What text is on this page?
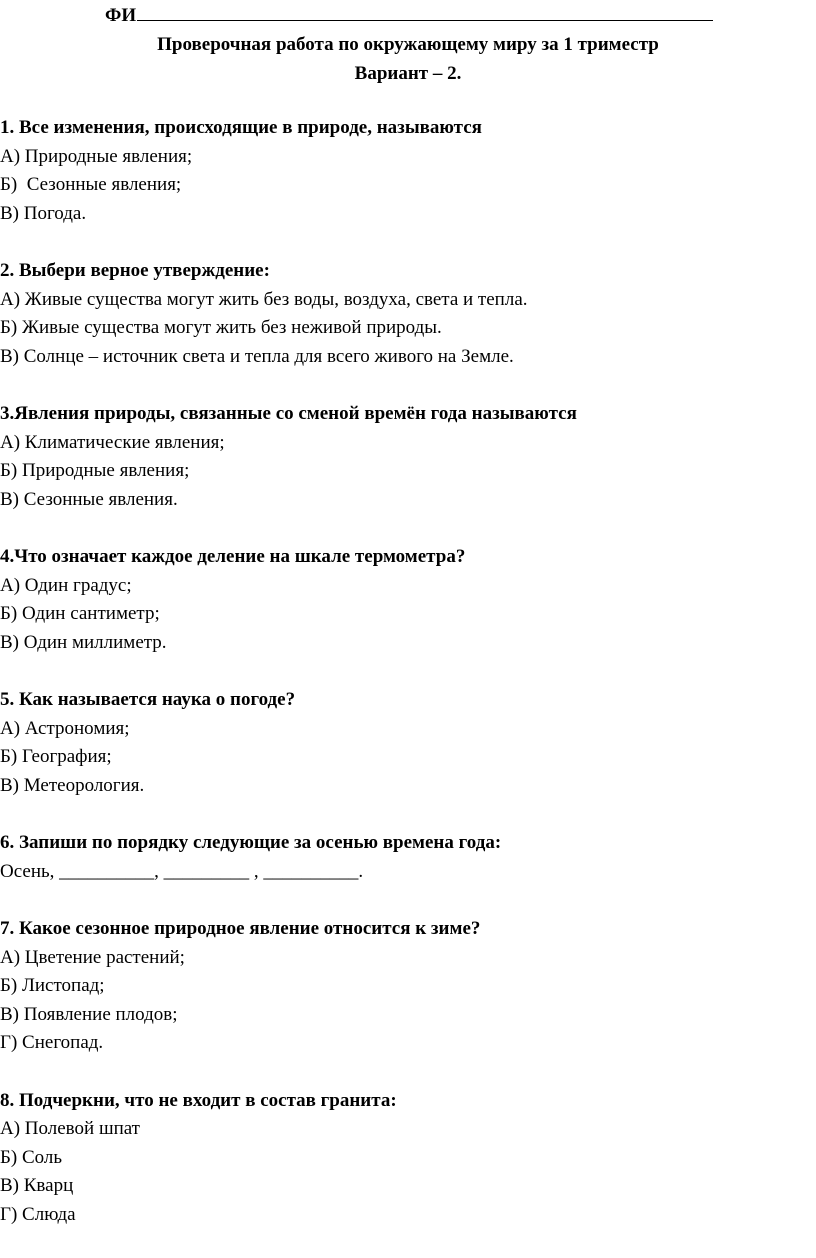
ФИ
Проверочная работа по окружающему миру за 1 триместр
Вариант – 2.
1. Все изменения, происходящие в природе, называются
А) Природные явления;
Б)  Сезонные явления;
В) Погода.
2. Выбери верное утверждение:
А) Живые существа могут жить без воды, воздуха, света и тепла.
Б) Живые существа могут жить без неживой природы.
В) Солнце – источник света и тепла для всего живого на Земле.
3.Явления природы, связанные со сменой времён года называются
А) Климатические явления;
Б) Природные явления;
В) Сезонные явления.
4.Что означает каждое деление на шкале термометра?
А) Один градус;
Б) Один сантиметр;
В) Один миллиметр.
5. Как называется наука о погоде?
А) Астрономия;
Б) География;
В) Метеорология.
6. Запиши по порядку следующие за осенью времена года:
Осень, __________, _________ , __________.
7. Какое сезонное природное явление относится к зиме?
А) Цветение растений;
Б) Листопад;
В) Появление плодов;
Г) Снегопад.
8. Подчеркни, что не входит в состав гранита:
А) Полевой шпат
Б) Соль
В) Кварц
Г) Слюда
